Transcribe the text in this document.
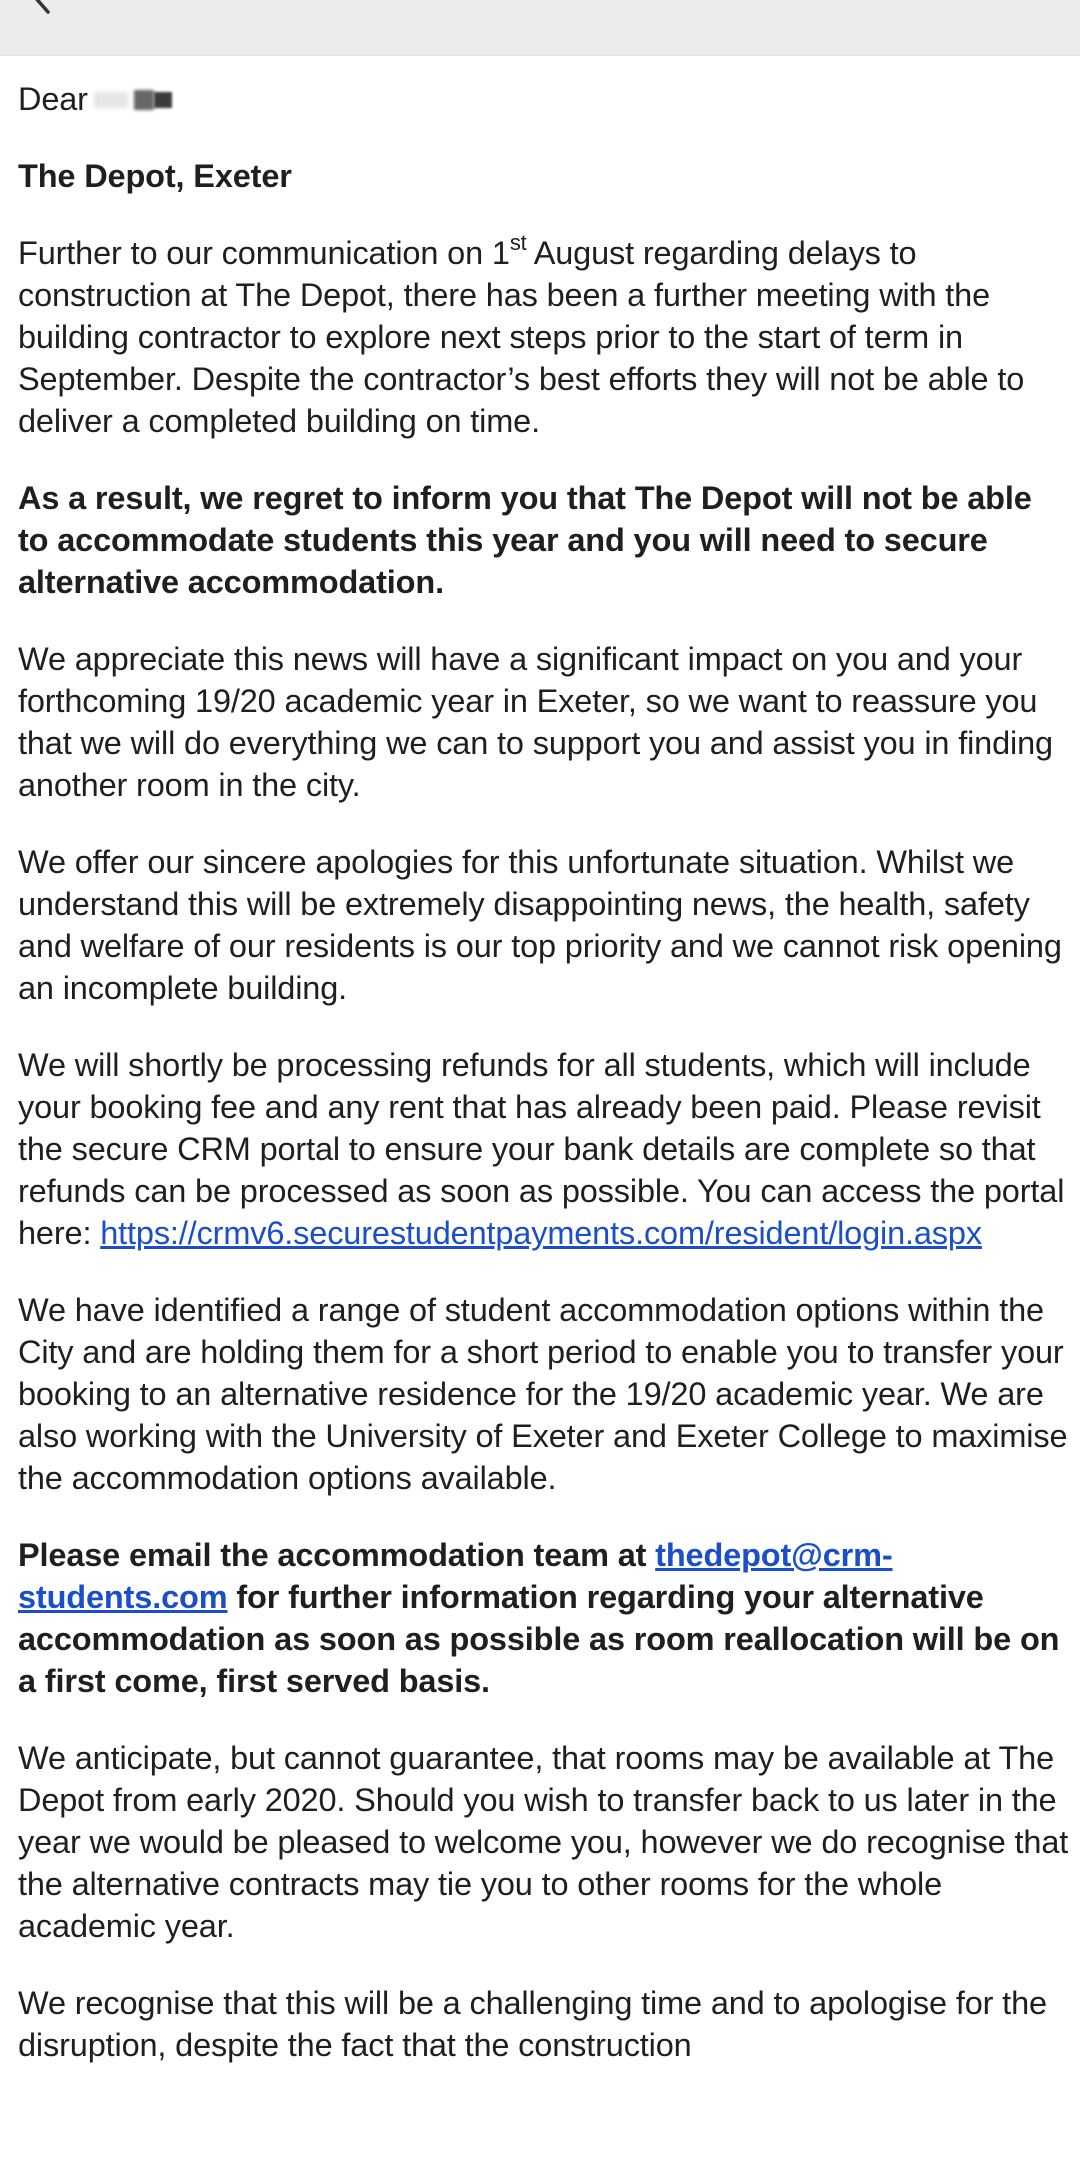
Dear

The Depot, Exeter

Further to our communication on 1st August regarding delays to construction at The Depot, there has been a further meeting with the building contractor to explore next steps prior to the start of term in September. Despite the contractor’s best efforts they will not be able to deliver a completed building on time.

As a result, we regret to inform you that The Depot will not be able to accommodate students this year and you will need to secure alternative accommodation.

We appreciate this news will have a significant impact on you and your forthcoming 19/20 academic year in Exeter, so we want to reassure you that we will do everything we can to support you and assist you in finding another room in the city.

We offer our sincere apologies for this unfortunate situation. Whilst we understand this will be extremely disappointing news, the health, safety and welfare of our residents is our top priority and we cannot risk opening an incomplete building.

We will shortly be processing refunds for all students, which will include your booking fee and any rent that has already been paid. Please revisit the secure CRM portal to ensure your bank details are complete so that refunds can be processed as soon as possible. You can access the portal here: https://crmv6.securestudentpayments.com/resident/login.aspx

We have identified a range of student accommodation options within the City and are holding them for a short period to enable you to transfer your booking to an alternative residence for the 19/20 academic year. We are also working with the University of Exeter and Exeter College to maximise the accommodation options available.

Please email the accommodation team at thedepot@crm-students.com for further information regarding your alternative accommodation as soon as possible as room reallocation will be on a first come, first served basis.

We anticipate, but cannot guarantee, that rooms may be available at The Depot from early 2020. Should you wish to transfer back to us later in the year we would be pleased to welcome you, however we do recognise that the alternative contracts may tie you to other rooms for the whole academic year.

We recognise that this will be a challenging time and to apologise for the disruption, despite the fact that the construction
